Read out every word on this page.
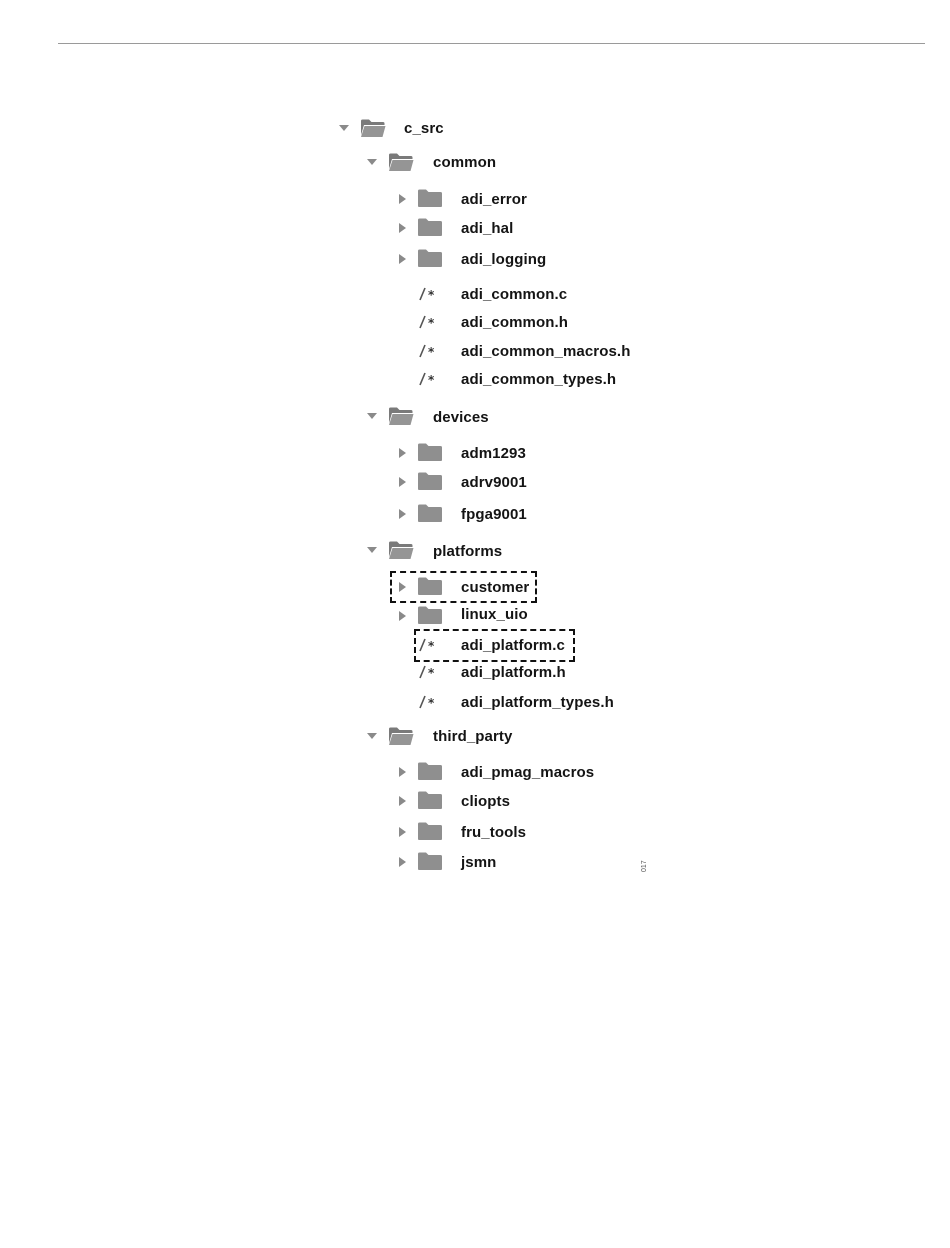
c_src
common
adi_error
adi_hal
adi_logging
adi_common.c
adi_common.h
adi_common_macros.h
adi_common_types.h
devices
adm1293
adrv9001
fpga9001
platforms
customer
linux_uio
adi_platform.c
adi_platform.h
adi_platform_types.h
third_party
adi_pmag_macros
cliopts
fru_tools
jsmn	017
